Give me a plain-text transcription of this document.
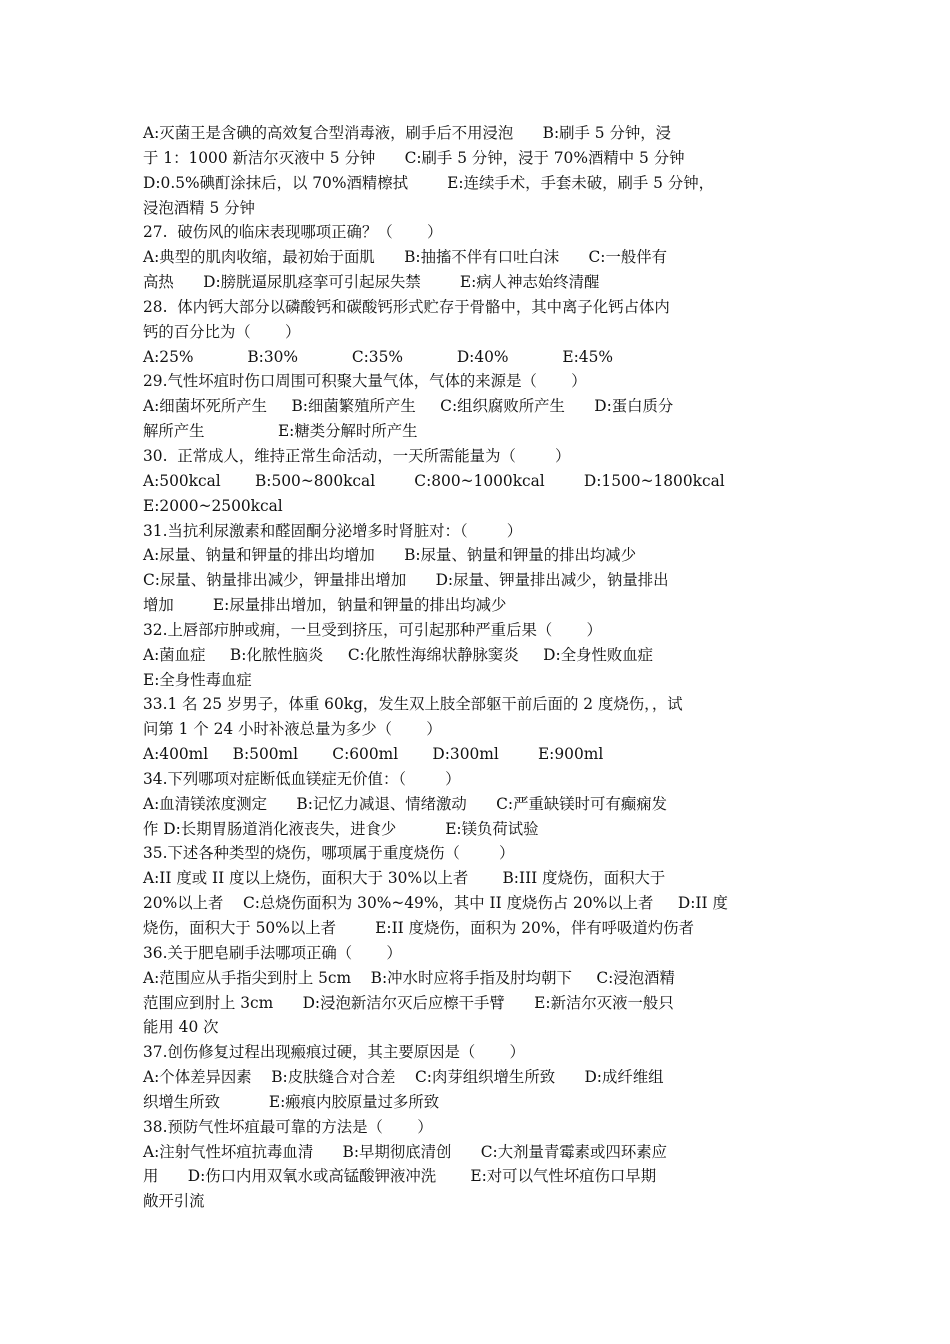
A:灭菌王是含碘的高效复合型消毒液，刷手后不用浸泡      B:刷手 5 分钟，浸
于 1：1000 新洁尔灭液中 5 分钟      C:刷手 5 分钟，浸于 70%酒精中 5 分钟
D:0.5%碘酊涂抹后，以 70%酒精檫拭        E:连续手术，手套未破，刷手 5 分钟，
浸泡酒精 5 分钟
27.  破伤风的临床表现哪项正确？（       ）
A:典型的肌肉收缩，最初始于面肌      B:抽搐不伴有口吐白沫      C:一般伴有
高热      D:膀胱逼尿肌痉挛可引起尿失禁        E:病人神志始终清醒
28.  体内钙大部分以磷酸钙和碳酸钙形式贮存于骨骼中，其中离子化钙占体内
钙的百分比为（       ）
A:25%           B:30%           C:35%           D:40%           E:45%
29.气性坏疽时伤口周围可积聚大量气体，气体的来源是（       ）
A:细菌坏死所产生     B:细菌繁殖所产生     C:组织腐败所产生      D:蛋白质分
解所产生               E:糖类分解时所产生
30.  正常成人，维持正常生命活动，一天所需能量为（        ）
A:500kcal       B:500~800kcal        C:800~1000kcal        D:1500~1800kcal
E:2000~2500kcal
31.当抗利尿激素和醛固酮分泌增多时肾脏对：（        ）
A:尿量、钠量和钾量的排出均增加      B:尿量、钠量和钾量的排出均减少
C:尿量、钠量排出减少，钾量排出增加      D:尿量、钾量排出减少，钠量排出
增加        E:尿量排出增加，钠量和钾量的排出均减少
32.上唇部疖肿或痈，一旦受到挤压，可引起那种严重后果（       ）
A:菌血症     B:化脓性脑炎     C:化脓性海绵状静脉窦炎     D:全身性败血症
E:全身性毒血症
33.1 名 25 岁男子，体重 60kg，发生双上肢全部躯干前后面的 2 度烧伤，，试
问第 1 个 24 小时补液总量为多少（       ）
A:400ml     B:500ml       C:600ml       D:300ml        E:900ml
34.下列哪项对症断低血镁症无价值：（        ）
A:血清镁浓度测定      B:记忆力减退、情绪激动      C:严重缺镁时可有癫痫发
作 D:长期胃肠道消化液丧失，进食少          E:镁负荷试验
35.下述各种类型的烧伤，哪项属于重度烧伤（        ）
A:II 度或 II 度以上烧伤，面积大于 30%以上者       B:III 度烧伤，面积大于
20%以上者    C:总烧伤面积为 30%~49%，其中 II 度烧伤占 20%以上者     D:II 度
烧伤，面积大于 50%以上者        E:II 度烧伤，面积为 20%，伴有呼吸道灼伤者
36.关于肥皂刷手法哪项正确（       ）
A:范围应从手指尖到肘上 5cm    B:冲水时应将手指及肘均朝下     C:浸泡酒精
范围应到肘上 3cm      D:浸泡新洁尔灭后应檫干手臂      E:新洁尔灭液一般只
能用 40 次
37.创伤修复过程出现瘢痕过硬，其主要原因是（       ）
A:个体差异因素    B:皮肤缝合对合差    C:肉芽组织增生所致      D:成纤维组
织增生所致          E:瘢痕内胶原量过多所致
38.预防气性坏疽最可靠的方法是（       ）
A:注射气性坏疽抗毒血清      B:早期彻底清创      C:大剂量青霉素或四环素应
用      D:伤口内用双氧水或高锰酸钾液冲洗       E:对可以气性坏疽伤口早期
敞开引流
